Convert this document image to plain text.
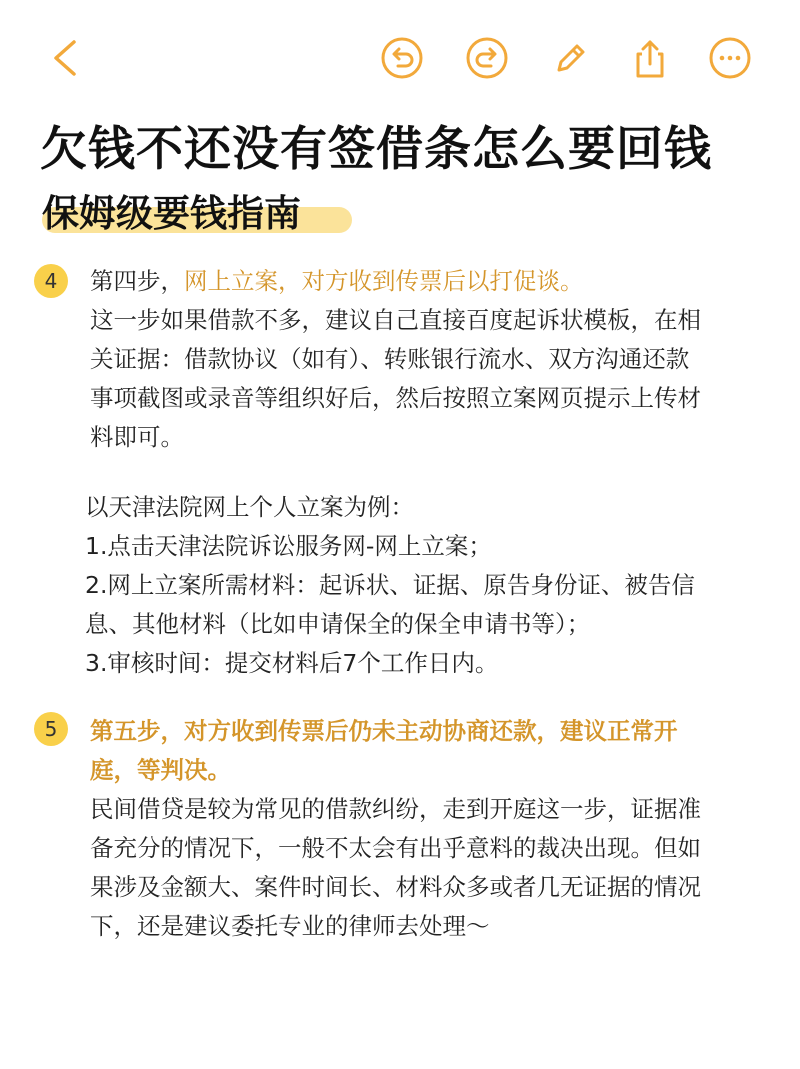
欠钱不还没有签借条怎么要回钱
保姆级要钱指南
4	第四步，网上立案，对方收到传票后以打促谈。
这一步如果借款不多，建议自己直接百度起诉状模板，在相
关证据：借款协议（如有）、转账银行流水、双方沟通还款
事项截图或录音等组织好后，然后按照立案网页提示上传材
料即可。
以天津法院网上个人立案为例：
1.点击天津法院诉讼服务网-网上立案；
2.网上立案所需材料：起诉状、证据、原告身份证、被告信
息、其他材料（比如申请保全的保全申请书等）；
3.审核时间：提交材料后7个工作日内。
5	第五步，对方收到传票后仍未主动协商还款，建议正常开
庭，等判决。
民间借贷是较为常见的借款纠纷，走到开庭这一步，证据准
备充分的情况下，一般不太会有出乎意料的裁决出现。但如
果涉及金额大、案件时间长、材料众多或者几无证据的情况
下，还是建议委托专业的律师去处理～
